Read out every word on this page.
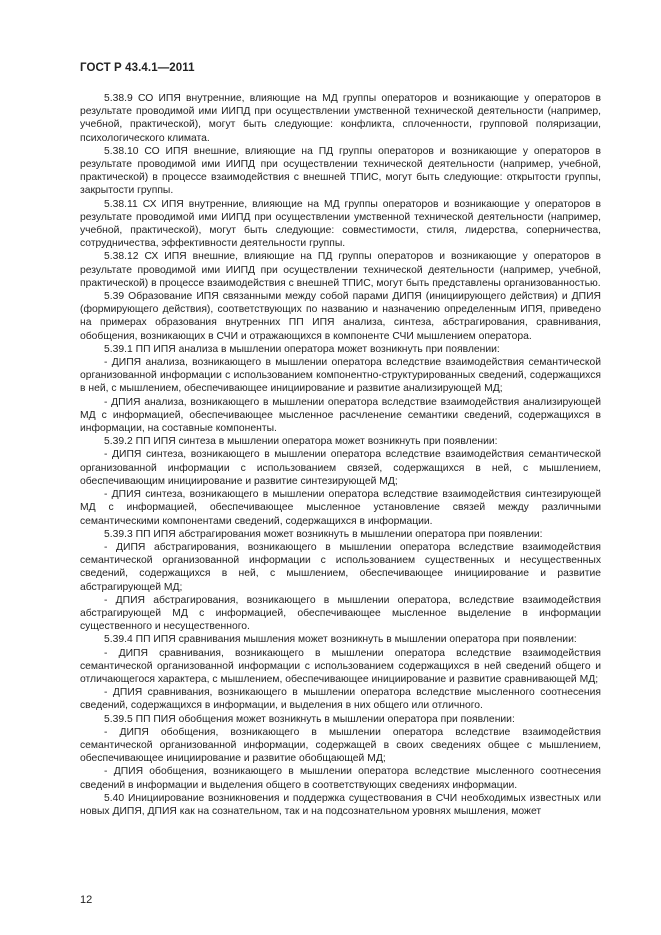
ГОСТ Р 43.4.1—2011

5.38.9 СО ИПЯ внутренние, влияющие на МД группы операторов и возникающие у операторов в результате проводимой ими ИИПД при осуществлении умственной технической деятельности (например, учебной, практической), могут быть следующие: конфликта, сплоченности, групповой поляризации, психологического климата.

5.38.10 СО ИПЯ внешние, влияющие на ПД группы операторов и возникающие у операторов в результате проводимой ими ИИПД при осуществлении технической деятельности (например, учебной, практической) в процессе взаимодействия с внешней ТПИС, могут быть следующие: открытости группы, закрытости группы.

5.38.11 СХ ИПЯ внутренние, влияющие на МД группы операторов и возникающие у операторов в результате проводимой ими ИИПД при осуществлении умственной технической деятельности (например, учебной, практической), могут быть следующие: совместимости, стиля, лидерства, соперничества, сотрудничества, эффективности деятельности группы.

5.38.12 СХ ИПЯ внешние, влияющие на ПД группы операторов и возникающие у операторов в результате проводимой ими ИИПД при осуществлении технической деятельности (например, учебной, практической) в процессе взаимодействия с внешней ТПИС, могут быть представлены организованностью.

5.39 Образование ИПЯ связанными между собой парами ДИПЯ (инициирующего действия) и ДПИЯ (формирующего действия), соответствующих по названию и назначению определенным ИПЯ, приведено на примерах образования внутренних ПП ИПЯ анализа, синтеза, абстрагирования, сравнивания, обобщения, возникающих в СЧИ и отражающихся в компоненте СЧИ мышлением оператора.

5.39.1 ПП ИПЯ анализа в мышлении оператора может возникнуть при появлении:

- ДИПЯ анализа, возникающего в мышлении оператора вследствие взаимодействия семантической организованной информации с использованием компонентно-структурированных сведений, содержащихся в ней, с мышлением, обеспечивающее инициирование и развитие анализирующей МД;

- ДПИЯ анализа, возникающего в мышлении оператора вследствие взаимодействия анализирующей МД с информацией, обеспечивающее мысленное расчленение семантики сведений, содержащихся в информации, на составные компоненты.

5.39.2 ПП ИПЯ синтеза в мышлении оператора может возникнуть при появлении:

- ДИПЯ синтеза, возникающего в мышлении оператора вследствие взаимодействия семантической организованной информации с использованием связей, содержащихся в ней, с мышлением, обеспечивающим инициирование и развитие синтезирующей МД;

- ДПИЯ синтеза, возникающего в мышлении оператора вследствие взаимодействия синтезирующей МД с информацией, обеспечивающее мысленное установление связей между различными семантическими компонентами сведений, содержащихся в информации.

5.39.3 ПП ИПЯ абстрагирования может возникнуть в мышлении оператора при появлении:

- ДИПЯ абстрагирования, возникающего в мышлении оператора вследствие взаимодействия семантической организованной информации с использованием существенных и несущественных сведений, содержащихся в ней, с мышлением, обеспечивающее инициирование и развитие абстрагирующей МД;

- ДПИЯ абстрагирования, возникающего в мышлении оператора, вследствие взаимодействия абстрагирующей МД с информацией, обеспечивающее мысленное выделение в информации существенного и несущественного.

5.39.4 ПП ИПЯ сравнивания мышления может возникнуть в мышлении оператора при появлении:

- ДИПЯ сравнивания, возникающего в мышлении оператора вследствие взаимодействия семантической организованной информации с использованием содержащихся в ней сведений общего и отличающегося характера, с мышлением, обеспечивающее инициирование и развитие сравнивающей МД;

- ДПИЯ сравнивания, возникающего в мышлении оператора вследствие мысленного соотнесения сведений, содержащихся в информации, и выделения в них общего или отличного.

5.39.5 ПП ПИЯ обобщения может возникнуть в мышлении оператора при появлении:

- ДИПЯ обобщения, возникающего в мышлении оператора вследствие взаимодействия семантической организованной информации, содержащей в своих сведениях общее с мышлением, обеспечивающее инициирование и развитие обобщающей МД;

- ДПИЯ обобщения, возникающего в мышлении оператора вследствие мысленного соотнесения сведений в информации и выделения общего в соответствующих сведениях информации.

5.40 Инициирование возникновения и поддержка существования в СЧИ необходимых известных или новых ДИПЯ, ДПИЯ как на сознательном, так и на подсознательном уровнях мышления, может

12
